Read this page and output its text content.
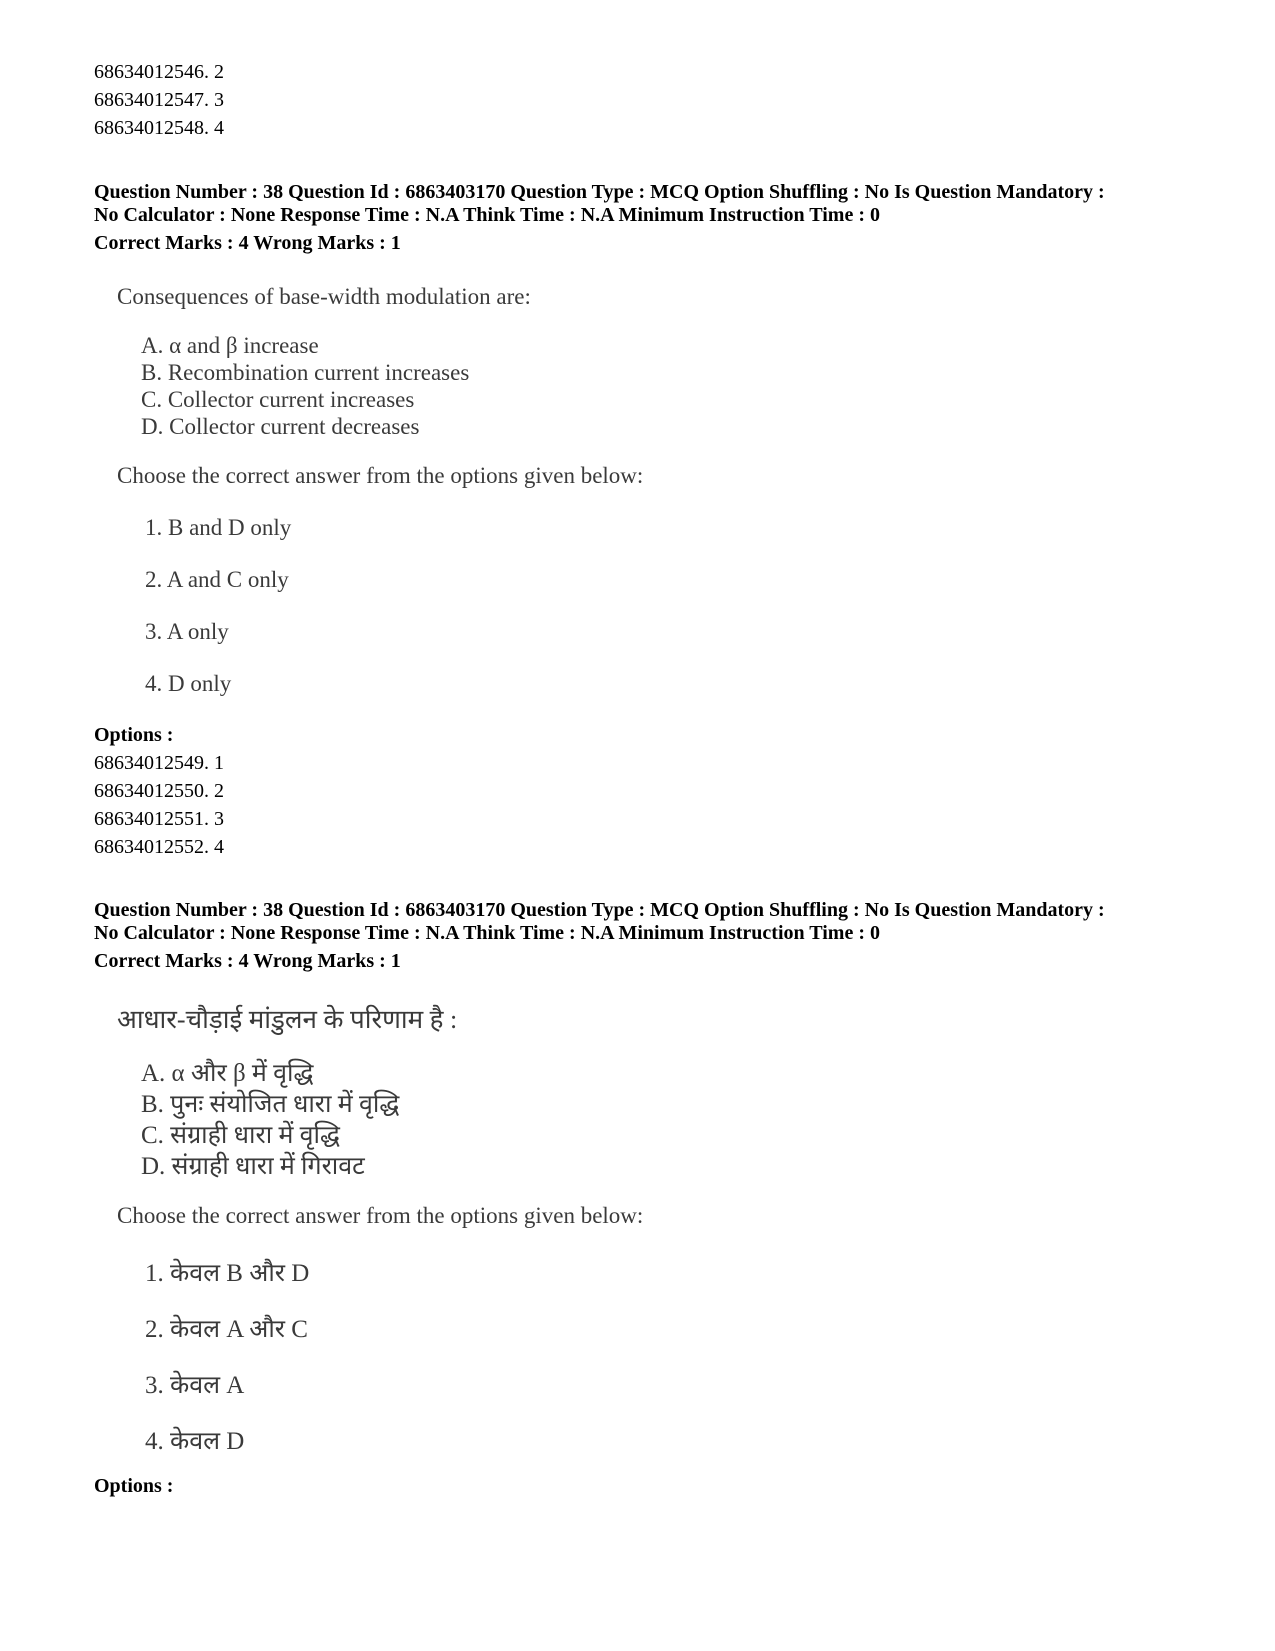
68634012546. 2
68634012547. 3
68634012548. 4
Question Number : 38 Question Id : 6863403170 Question Type : MCQ Option Shuffling : No Is Question Mandatory :
No Calculator : None Response Time : N.A Think Time : N.A Minimum Instruction Time : 0
Correct Marks : 4 Wrong Marks : 1
Consequences of base-width modulation are:
A. α and β increase
B. Recombination current increases
C. Collector current increases
D. Collector current decreases
Choose the correct answer from the options given below:
1. B and D only
2. A and C only
3. A only
4. D only
Options :
68634012549. 1
68634012550. 2
68634012551. 3
68634012552. 4
Question Number : 38 Question Id : 6863403170 Question Type : MCQ Option Shuffling : No Is Question Mandatory :
No Calculator : None Response Time : N.A Think Time : N.A Minimum Instruction Time : 0
Correct Marks : 4 Wrong Marks : 1
आधार-चौड़ाई मांडुलन के परिणाम है :
A. α और β में वृद्धि
B. पुनः संयोजित धारा में वृद्धि
C. संग्राही धारा में वृद्धि
D. संग्राही धारा में गिरावट
Choose the correct answer from the options given below:
1. केवल B और D
2. केवल A और C
3. केवल A
4. केवल D
Options :
